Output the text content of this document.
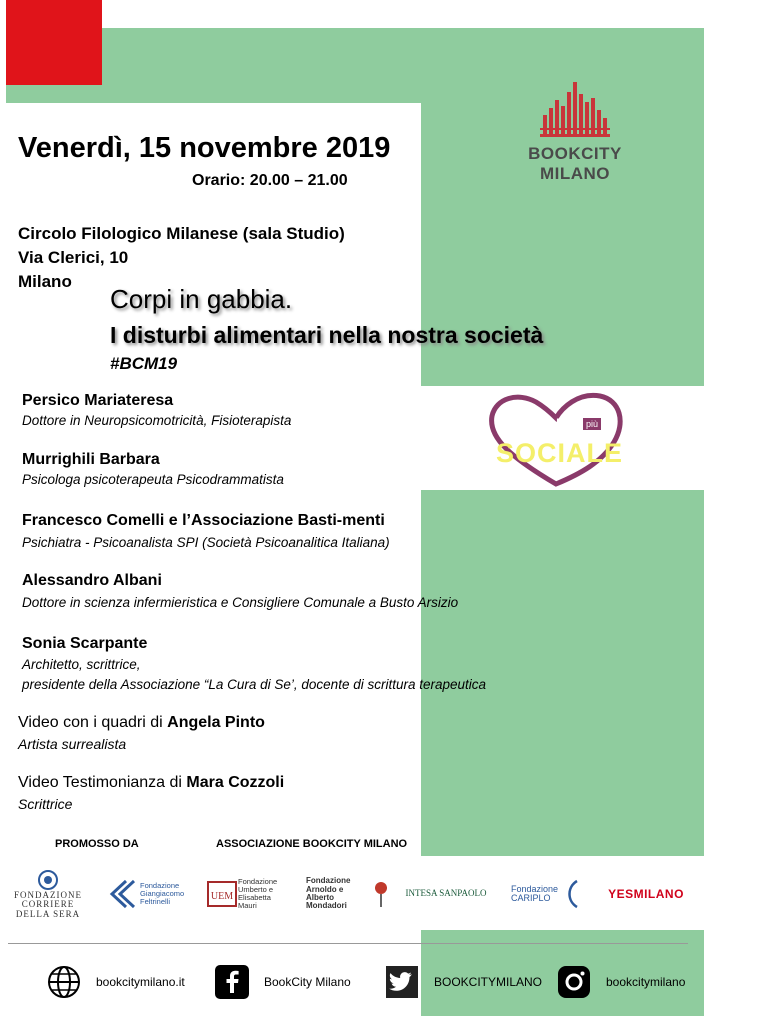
BOOKCITY
MILANO
Venerdì, 15 novembre 2019
Orario: 20.00 – 21.00
Circolo Filologico Milanese (sala Studio)
Via Clerici, 10
Milano
Corpi in gabbia.
I disturbi alimentari nella nostra società
#BCM19
MILANO	più
SOCIALE
Persico Mariateresa
Dottore in Neuropsicomotricità, Fisioterapista
Murrighili Barbara
Psicologa psicoterapeuta Psicodrammatista
Francesco Comelli e l’Associazione Basti-menti
Psichiatra - Psicoanalista SPI (Società Psicoanalitica Italiana)
Alessandro Albani
Dottore in scienza infermieristica e Consigliere Comunale a Busto Arsizio
Sonia Scarpante
Architetto, scrittrice,
presidente della Associazione “La Cura di Se’, docente di scrittura terapeutica
Video con i quadri di Angela Pinto
Artista surrealista
Video Testimonianza di Mara Cozzoli
Scrittrice
PROMOSSO DA	ASSOCIAZIONE BOOKCITY MILANO
FONDAZIONE CORRIERE DELLA SERA
Fondazione Giangiacomo Feltrinelli	UEM
Fondazione Umberto e Elisabetta Mauri
Fondazione Arnoldo e Alberto Mondadori
INTESA SANPAOLO	Fondazione CARIPLO	YESMILANO
bookcitymilano.it	BookCity Milano	BOOKCITYMILANO	bookcitymilano
